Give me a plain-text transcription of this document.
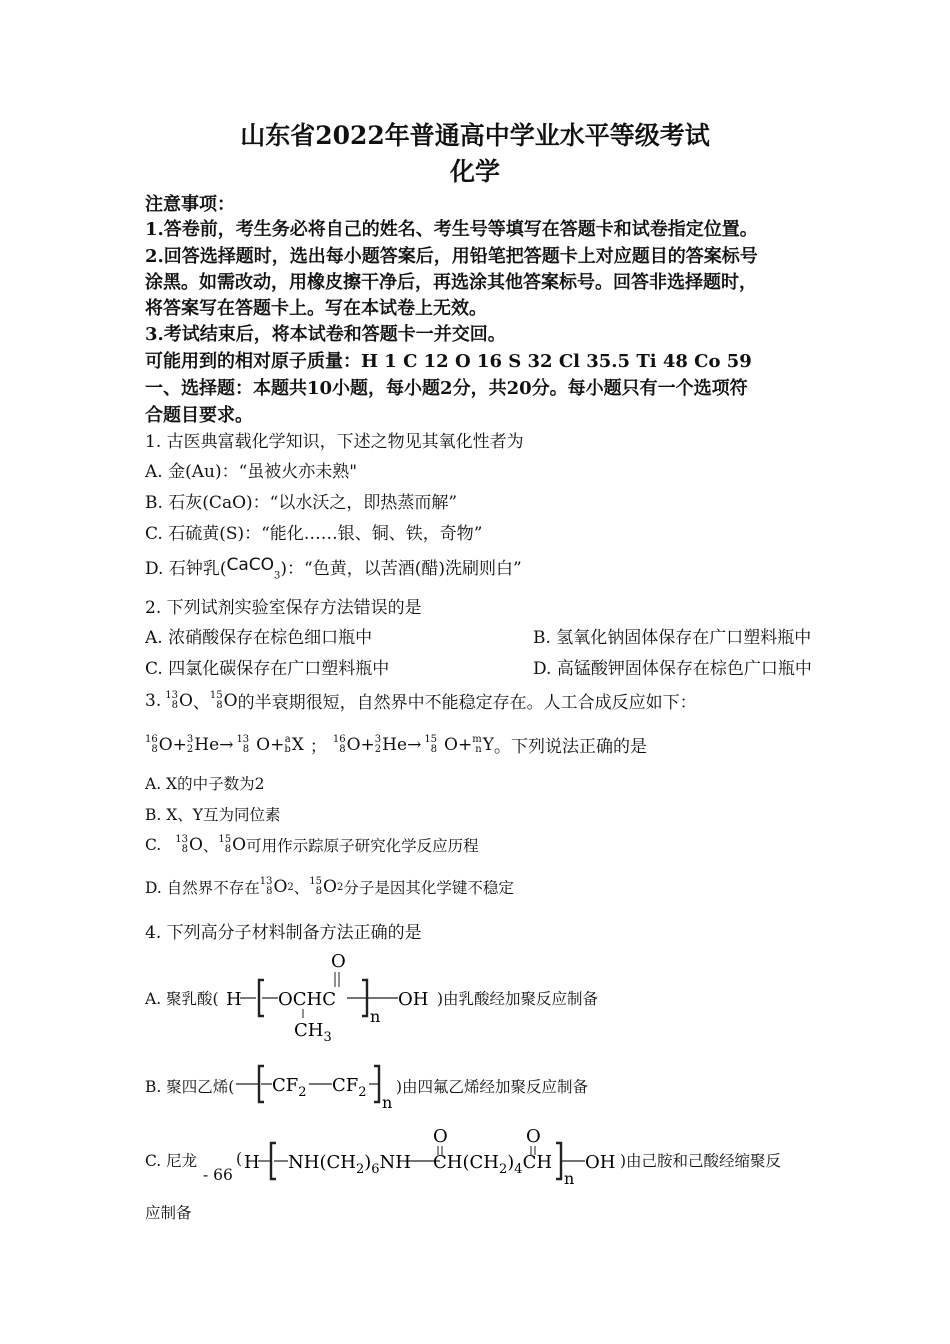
山东省2022年普通高中学业水平等级考试
化学
注意事项：
1.答卷前，考生务必将自己的姓名、考生号等填写在答题卡和试卷指定位置。
2.回答选择题时，选出每小题答案后，用铅笔把答题卡上对应题目的答案标号
涂黑。如需改动，用橡皮擦干净后，再选涂其他答案标号。回答非选择题时，
将答案写在答题卡上。写在本试卷上无效。
3.考试结束后，将本试卷和答题卡一并交回。
可能用到的相对原子质量：H 1 C 12 O 16 S 32 Cl 35.5 Ti 48 Co 59
一、选择题：本题共10小题，每小题2分，共20分。每小题只有一个选项符
合题目要求。
1. 古医典富载化学知识，下述之物见其氧化性者为
A. 金(Au)：“虽被火亦未熟"
B. 石灰(CaO)：“以水沃之，即热蒸而解”
C. 石硫黄(S)：“能化……银、铜、铁，奇物”
D. 石钟乳(CaCO$_3$)：“色黄，以苦酒(醋)洗刷则白”
2. 下列试剂实验室保存方法错误的是
A. 浓硝酸保存在棕色细口瓶中	B. 氢氧化钠固体保存在广口塑料瓶中
C. 四氯化碳保存在广口塑料瓶中	D. 高锰酸钾固体保存在棕色广口瓶中
3. 13
8 O 、 15
8 O 的半衰期很短，自然界中不能稳定存在。人工合成反应如下：
16
8 O + 3
2 He → 13
8 O + a
b X ； 16
8 O + 3
2 He → 15
8 O + m
n Y 。下列说法正确的是
A. X的中子数为2
B. X、Y互为同位素
C. 13
8 O 、 15
8 O 可用作示踪原子研究化学反应历程
D. 自然界不存在 13
8 O 2 、 15
8 O 2 分子是因其化学键不稳定
4. 下列高分子材料制备方法正确的是
A. 聚乳酸( H OCHC
O
$CH_3$
n
OH )由乳酸经加聚反应制备
B. 聚四乙烯( $CF_2$ $CF_2$
n
)由四氟乙烯经加聚反应制备
C. 尼龙
- 66
( H $NH(CH_2)_6NH$
O
$CH(CH_2)_4CH$
O
n
OH )由己胺和己酸经缩聚反
应制备
